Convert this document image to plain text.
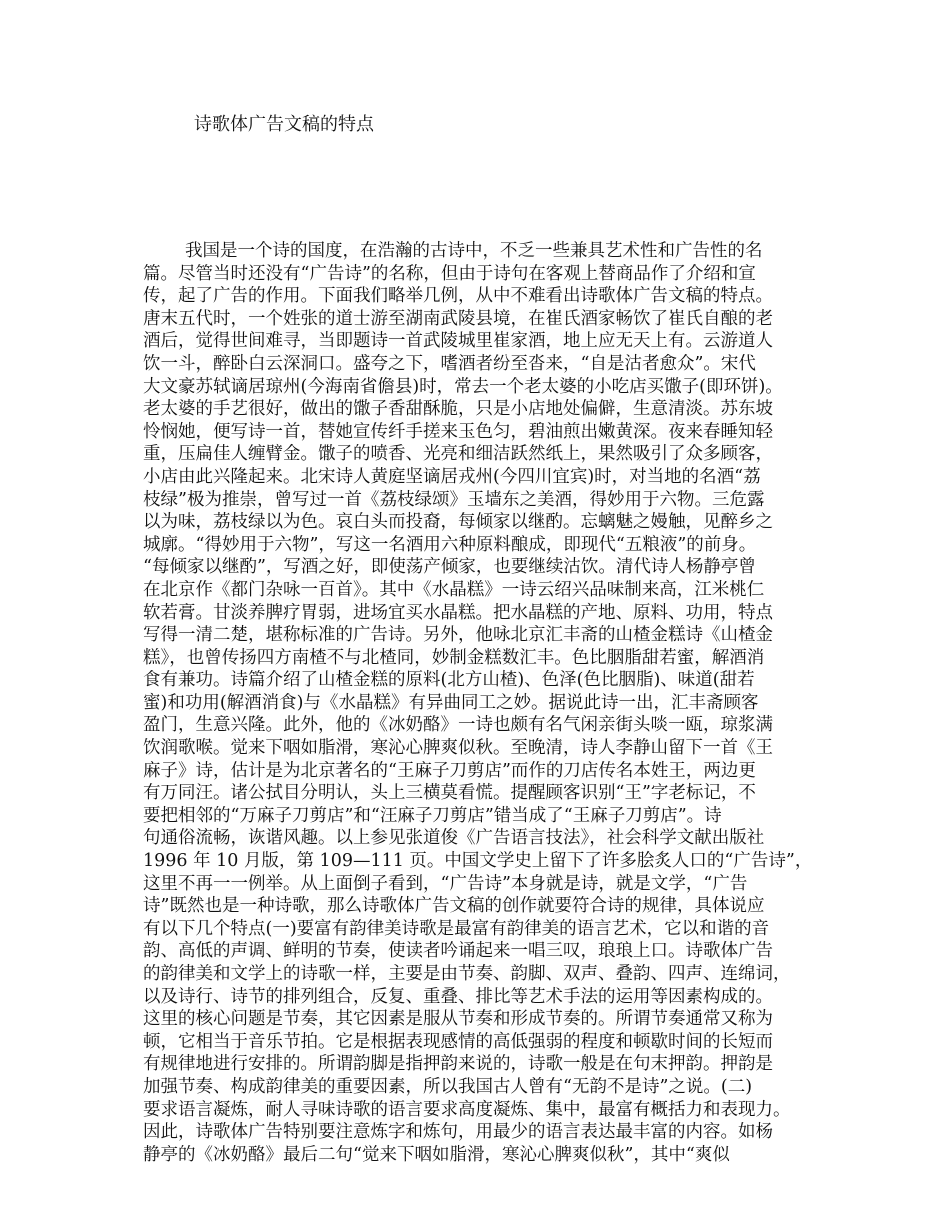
诗歌体广告文稿的特点
我国是一个诗的国度，在浩瀚的古诗中，不乏一些兼具艺术性和广告性的名
篇。尽管当时还没有“广告诗”的名称，但由于诗句在客观上替商品作了介绍和宣
传，起了广告的作用。下面我们略举几例，从中不难看出诗歌体广告文稿的特点。
唐末五代时，一个姓张的道士游至湖南武陵县境，在崔氏酒家畅饮了崔氏自酿的老
酒后，觉得世间难寻，当即题诗一首武陵城里崔家酒，地上应无天上有。云游道人
饮一斗，醉卧白云深洞口。盛夸之下，嗜酒者纷至沓来，“自是沽者愈众”。宋代
大文豪苏轼谪居琼州(今海南省儋县)时，常去一个老太婆的小吃店买馓子(即环饼)。
老太婆的手艺很好，做出的馓子香甜酥脆，只是小店地处偏僻，生意清淡。苏东坡
怜悯她，便写诗一首，替她宣传纤手搓来玉色匀，碧油煎出嫩黄深。夜来春睡知轻
重，压扁佳人缠臂金。馓子的喷香、光亮和细洁跃然纸上，果然吸引了众多顾客，
小店由此兴隆起来。北宋诗人黄庭坚谪居戎州(今四川宜宾)时，对当地的名酒“荔
枝绿”极为推崇，曾写过一首《荔枝绿颂》玉墙东之美酒，得妙用于六物。三危露
以为味，荔枝绿以为色。哀白头而投裔，每倾家以继酌。忘螭魅之嫚触，见醉乡之
城廓。“得妙用于六物”，写这一名酒用六种原料酿成，即现代“五粮液”的前身。
“每倾家以继酌”，写酒之好，即使荡产倾家，也要继续沽饮。清代诗人杨静亭曾
在北京作《都门杂咏一百首》。其中《水晶糕》一诗云绍兴品味制来高，江米桃仁
软若膏。甘淡养脾疗胃弱，进场宜买水晶糕。把水晶糕的产地、原料、功用，特点
写得一清二楚，堪称标准的广告诗。另外，他咏北京汇丰斋的山楂金糕诗《山楂金
糕》，也曾传扬四方南楂不与北楂同，妙制金糕数汇丰。色比胭脂甜若蜜，解酒消
食有兼功。诗篇介绍了山楂金糕的原料(北方山楂)、色泽(色比胭脂)、味道(甜若
蜜)和功用(解酒消食)与《水晶糕》有异曲同工之妙。据说此诗一出，汇丰斋顾客
盈门，生意兴隆。此外，他的《冰奶酪》一诗也颇有名气闲亲街头啖一瓯，琼浆满
饮润歌喉。觉来下咽如脂滑，寒沁心脾爽似秋。至晚清，诗人李静山留下一首《王
麻子》诗，估计是为北京著名的“王麻子刀剪店”而作的刀店传名本姓王，两边更
有万同汪。诸公拭目分明认，头上三横莫看慌。提醒顾客识别“王”字老标记，不
要把相邻的“万麻子刀剪店”和“汪麻子刀剪店”错当成了“王麻子刀剪店”。诗
句通俗流畅，诙谐风趣。以上参见张道俊《广告语言技法》，社会科学文献出版社
1996 年 10 月版，第 109—111 页。中国文学史上留下了许多脍炙人口的“广告诗”，
这里不再一一例举。从上面倒子看到，“广告诗”本身就是诗，就是文学，“广告
诗”既然也是一种诗歌，那么诗歌体广告文稿的创作就要符合诗的规律，具体说应
有以下几个特点(一)要富有韵律美诗歌是最富有韵律美的语言艺术，它以和谐的音
韵、高低的声调、鲜明的节奏，使读者吟诵起来一唱三叹，琅琅上口。诗歌体广告
的韵律美和文学上的诗歌一样，主要是由节奏、韵脚、双声、叠韵、四声、连绵词，
以及诗行、诗节的排列组合，反复、重叠、排比等艺术手法的运用等因素构成的。
这里的核心问题是节奏，其它因素是服从节奏和形成节奏的。所谓节奏通常又称为
顿，它相当于音乐节拍。它是根据表现感情的高低强弱的程度和顿歇时间的长短而
有规律地进行安排的。所谓韵脚是指押韵来说的，诗歌一般是在句末押韵。押韵是
加强节奏、构成韵律美的重要因素，所以我国古人曾有“无韵不是诗”之说。(二)
要求语言凝炼，耐人寻味诗歌的语言要求高度凝炼、集中，最富有概括力和表现力。
因此，诗歌体广告特别要注意炼字和炼句，用最少的语言表达最丰富的内容。如杨
静亭的《冰奶酪》最后二句“觉来下咽如脂滑，寒沁心脾爽似秋”，其中“爽似
